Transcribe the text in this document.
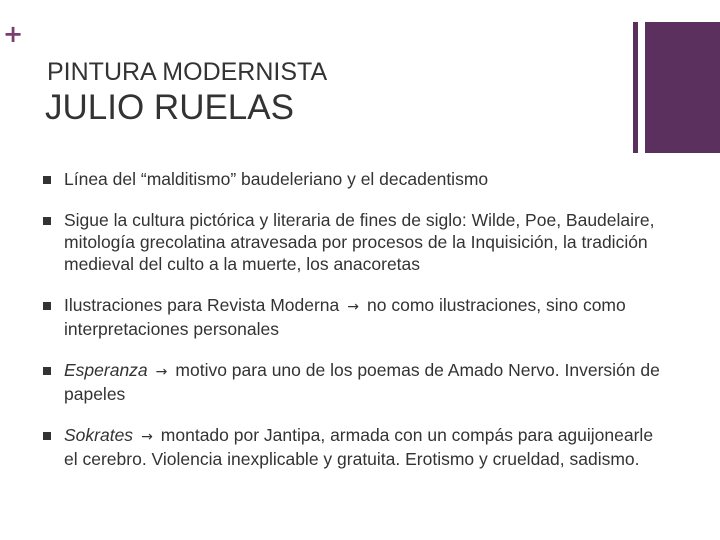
+
PINTURA MODERNISTA
JULIO RUELAS
Línea del “malditismo” baudeleriano y el decadentismo
Sigue la cultura pictórica y literaria de fines de siglo: Wilde, Poe, Baudelaire, mitología grecolatina atravesada por procesos de la Inquisición, la tradición medieval del culto a la muerte, los anacoretas
Ilustraciones para Revista Moderna → no como ilustraciones, sino como interpretaciones personales
Esperanza → motivo para uno de los poemas de Amado Nervo. Inversión de papeles
Sokrates → montado por Jantipa, armada con un compás para aguijonearle el cerebro. Violencia inexplicable y gratuita. Erotismo y crueldad, sadismo.
